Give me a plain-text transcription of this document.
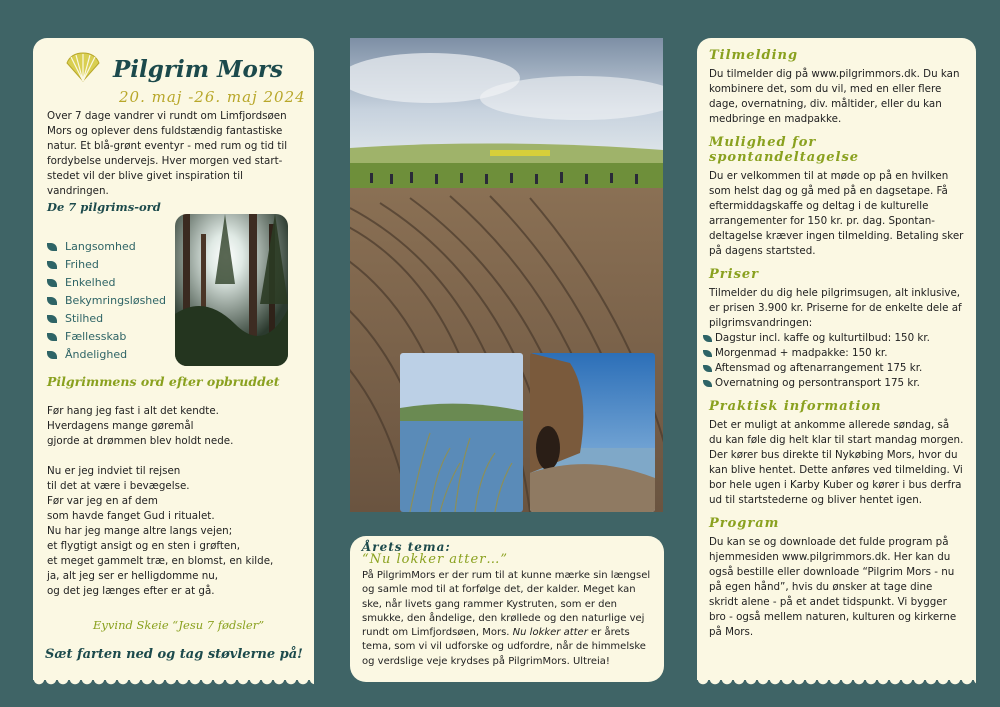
Pilgrim Mors
20. maj -26. maj 2024
Over 7 dage vandrer vi rundt om Limfjordsøen Mors og oplever dens fuldstændig fantastiske natur. Et blå-grønt eventyr - med rum og tid til fordybelse undervejs. Hver morgen ved start-stedet vil der blive givet inspiration til vandringen.
De 7 pilgrims-ord
Langsomhed
Frihed
Enkelhed
Bekymringsløshed
Stilhed
Fællesskab
Åndelighed
Pilgrimmens ord efter opbruddet
Før hang jeg fast i alt det kendte.
Hverdagens mange gøremål
gjorde at drømmen blev holdt nede.

Nu er jeg indviet til rejsen
til det at være i bevægelse.
Før var jeg en af dem
som havde fanget Gud i ritualet.
Nu har jeg mange altre langs vejen;
et flygtigt ansigt og en sten i grøften,
et meget gammelt træ, en blomst, en kilde,
ja, alt jeg ser er helligdomme nu,
og det jeg længes efter er at gå.
Eyvind Skeie “Jesu 7 fødsler”
Sæt farten ned og tag støvlerne på!
Årets tema:
“Nu lokker atter…”
På PilgrimMors er der rum til at kunne mærke sin længsel og samle mod til at forfølge det, der kalder. Meget kan ske, når livets gang rammer Kystruten, som er den smukke, den åndelige, den krøllede og den naturlige vej rundt om Limfjordsøen, Mors. Nu lokker atter er årets tema, som vi vil udforske og udfordre, når de himmelske og verdslige veje krydses på PilgrimMors. Ultreia!
Tilmelding

Du tilmelder dig på www.pilgrimmors.dk. Du kan kombinere det, som du vil, med en eller flere dage, overnatning, div. måltider, eller du kan medbringe en madpakke.

Mulighed for spontandeltagelse

Du er velkommen til at møde op på en hvilken som helst dag og gå med på en dagsetape. Få eftermiddagskaffe og deltag i de kulturelle arrangementer for 150 kr. pr. dag. Spontan-deltagelse kræver ingen tilmelding. Betaling sker på dagens startsted.

Priser

Tilmelder du dig hele pilgrimsugen, alt inklusive, er prisen 3.900 kr. Priserne for de enkelte dele af pilgrimsvandringen:

Dagstur incl. kaffe og kulturtilbud: 150 kr.
Morgenmad + madpakke: 150 kr.
Aftensmad og aftenarrangement 175 kr.
Overnatning og persontransport 175 kr.
Praktisk information

Det er muligt at ankomme allerede søndag, så du kan føle dig helt klar til start mandag morgen. Der kører bus direkte til Nykøbing Mors, hvor du kan blive hentet. Dette anføres ved tilmelding. Vi bor hele ugen i Karby Kuber og kører i bus derfra ud til startstederne og bliver hentet igen.

Program

Du kan se og downloade det fulde program på hjemmesiden www.pilgrimmors.dk. Her kan du også bestille eller downloade “Pilgrim Mors - nu på egen hånd”, hvis du ønsker at tage dine skridt alene - på et andet tidspunkt. Vi bygger bro - også mellem naturen, kulturen og kirkerne på Mors.
